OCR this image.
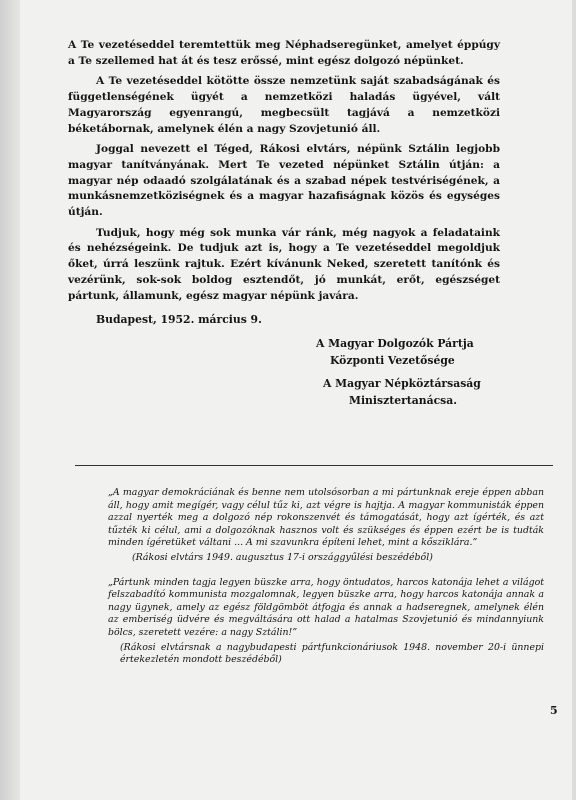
A Te vezetéseddel teremtettük meg Néphadseregünket, amelyet éppúgy a Te szellemed hat át és tesz erőssé, mint egész dolgozó népünket.

A Te vezetéseddel kötötte össze nemzetünk saját szabadságának és függetlenségének ügyét a nemzetközi haladás ügyével, vált Magyarország egyenrangú, megbecsült tagjává a nemzetközi béketábornak, amelynek élén a nagy Szovjetunió áll.

Joggal nevezett el Téged, Rákosi elvtárs, népünk Sztálin legjobb magyar tanítványának. Mert Te vezeted népünket Sztálin útján: a magyar nép odaadó szolgálatának és a szabad népek testvériségének, a munkásnemzetköziségnek és a magyar hazafiságnak közös és egységes útján.

Tudjuk, hogy még sok munka vár ránk, még nagyok a feladataink és nehézségeink. De tudjuk azt is, hogy a Te vezetéseddel megoldjuk őket, úrrá leszünk rajtuk. Ezért kívánunk Neked, szeretett tanítónk és vezérünk, sok-sok boldog esztendőt, jó munkát, erőt, egészséget pártunk, államunk, egész magyar népünk javára.

Budapest, 1952. március 9.
A Magyar Dolgozók Pártja
Központi Vezetősége
A Magyar Népköztársaság
Minisztertanácsa.

„A magyar demokráciának és benne nem utolsósorban a mi pártunknak ereje éppen abban áll, hogy amit megígér, vagy célul tűz ki, azt végre is hajtja. A magyar kommunisták éppen azzal nyerték meg a dolgozó nép rokonszenvét és támogatását, hogy azt ígérték, és azt tűzték ki célul, ami a dolgozóknak hasznos volt és szükséges és éppen ezért be is tudták minden ígéretüket váltani ... A mi szavunkra építeni lehet, mint a kősziklára.”

(Rákosi elvtárs 1949. augusztus 17-i országgyűlési beszédéből)

„Pártunk minden tagja legyen büszke arra, hogy öntudatos, harcos katonája lehet a világot felszabadító kommunista mozgalomnak, legyen büszke arra, hogy harcos katonája annak a nagy ügynek, amely az egész földgömböt átfogja és annak a hadseregnek, amelynek élén az emberiség üdvére és megváltására ott halad a hatalmas Szovjetunió és mindannyiunk bölcs, szeretett vezére: a nagy Sztálin!”

(Rákosi elvtársnak a nagybudapesti pártfunkcionáriusok 1948. november 20-i ünnepi értekezletén mondott beszédéből)

5
